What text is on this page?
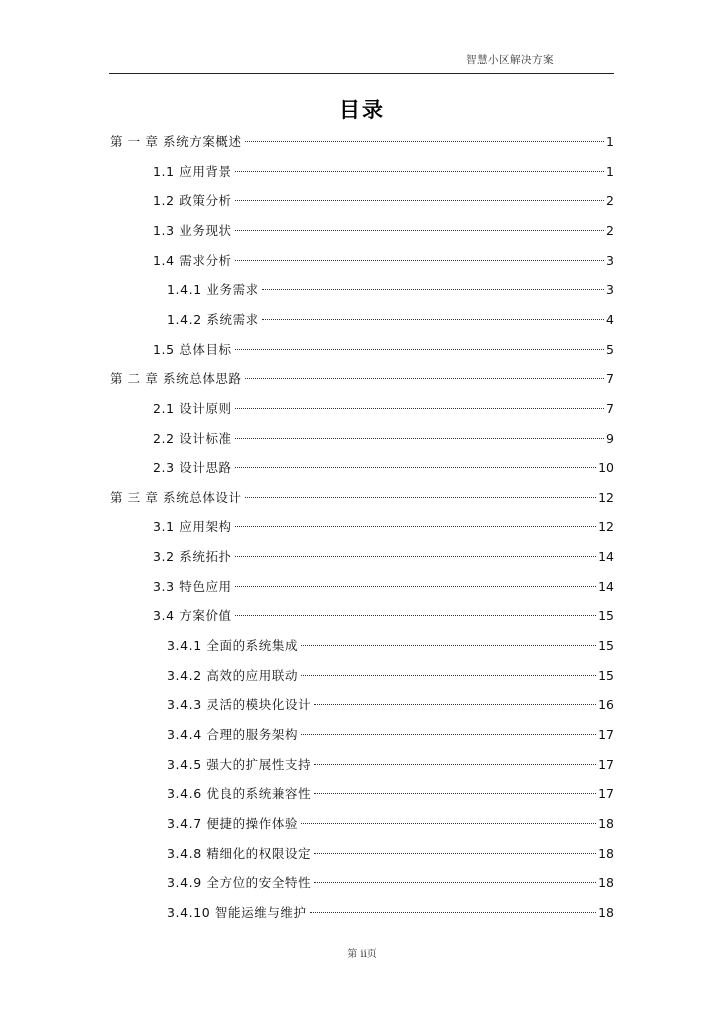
智慧小区解决方案
目录
第 一 章 系统方案概述	1
1.1 应用背景	1
1.2 政策分析	2
1.3 业务现状	2
1.4 需求分析	3
1.4.1 业务需求	3
1.4.2 系统需求	4
1.5 总体目标	5
第 二 章 系统总体思路	7
2.1 设计原则	7
2.2 设计标准	9
2.3 设计思路	10
第 三 章 系统总体设计	12
3.1 应用架构	12
3.2 系统拓扑	14
3.3 特色应用	14
3.4 方案价值	15
3.4.1 全面的系统集成	15
3.4.2 高效的应用联动	15
3.4.3 灵活的模块化设计	16
3.4.4 合理的服务架构	17
3.4.5 强大的扩展性支持	17
3.4.6 优良的系统兼容性	17
3.4.7 便捷的操作体验	18
3.4.8 精细化的权限设定	18
3.4.9 全方位的安全特性	18
3.4.10 智能运维与维护	18
第 ii页
